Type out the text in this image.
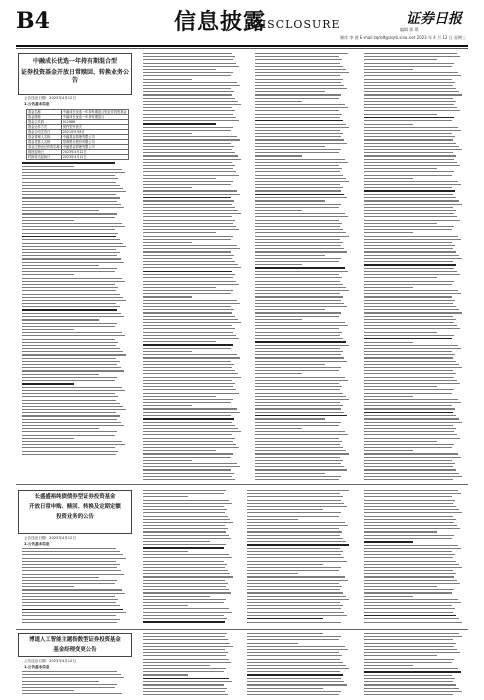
B4	信息披露
DISCLOSURE	证券日报
编辑 郭 琪
制作 李 波 E-mail:zqrb9@zqrb.sina.net 2023 年 4 月 12 日 星期三
中融成长优选一年持有期混合型
证券投资基金开放日常赎回、转换业务公告
公告送出日期：2023年4月12日
1.公告基本信息
基金名称	中融成长优选一年持有期混合型证券投资基金
基金简称	中融成长优选一年持有期混合
基金主代码	012986
基金运作方式	契约型开放式
基金合同生效日	2021年9月8日
基金管理人名称	中融基金管理有限公司
基金托管人名称	招商银行股份有限公司
基金注册登记机构名称	中融基金管理有限公司
赎回起始日	2023年4月12日
转换转出起始日	2023年4月12日
长盛盛裕纯债债券型证券投资基金
开放日常申购、赎回、转换及定期定额
投资业务的公告
公告送出日期：2023年4月12日
1.公告基本信息
博道人工智能主题指数型证券投资基金
基金经理变更公告
公告送出日期：2023年4月12日
1.公告基本信息
